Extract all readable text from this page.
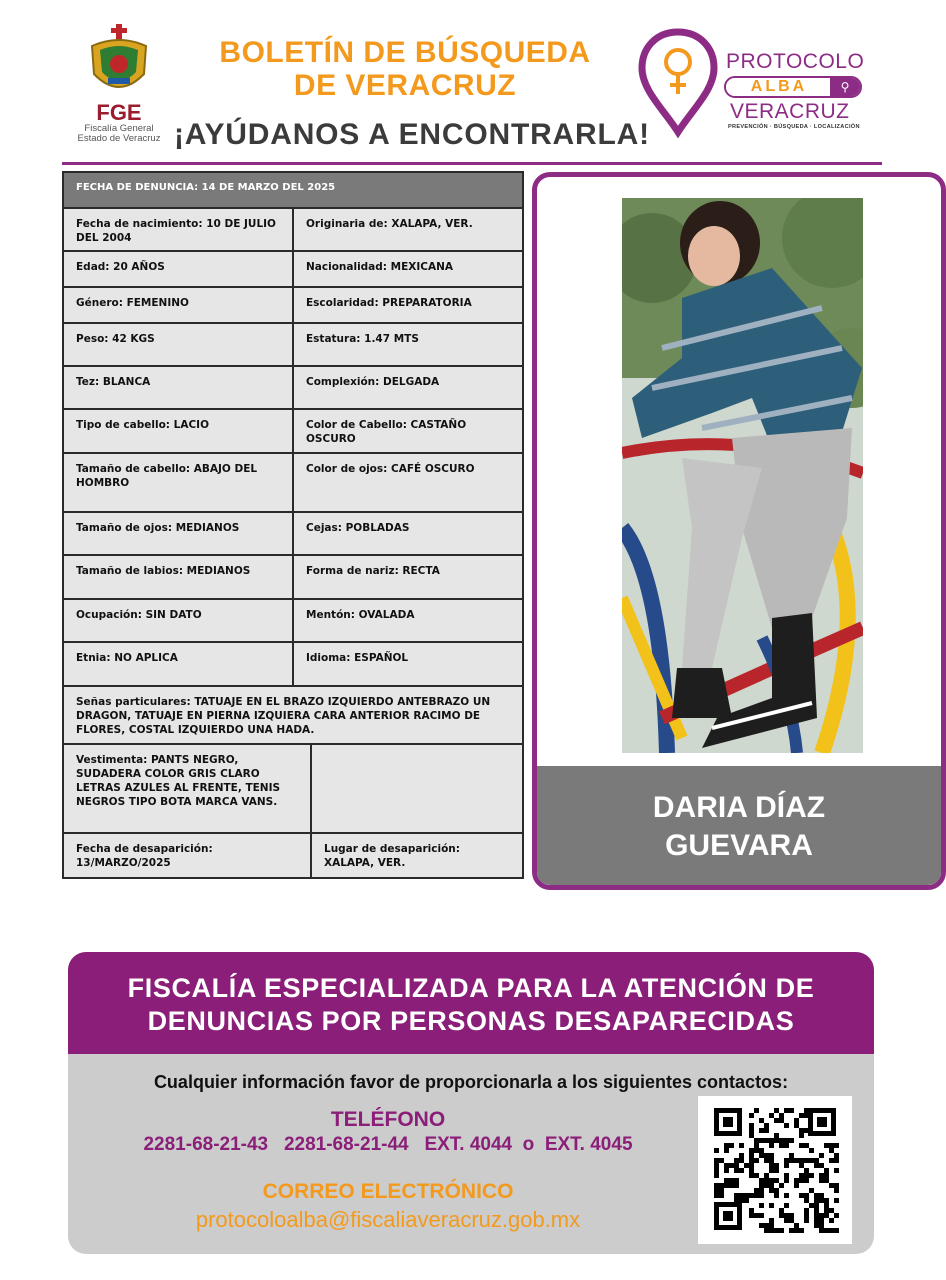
FGE
Fiscalía General
Estado de Veracruz
BOLETÍN DE BÚSQUEDA
DE VERACRUZ
¡AYÚDANOS A ENCONTRARLA!
PROTOCOLO
ALBA	⚲
VERACRUZ
PREVENCIÓN · BÚSQUEDA · LOCALIZACIÓN
FECHA DE DENUNCIA: 14 DE MARZO DEL 2025		
Fecha de nacimiento: 10 DE JULIO DEL 2004	Originaria de: XALAPA, VER.	
Edad: 20 AÑOS	Nacionalidad: MEXICANA	
Género: FEMENINO	Escolaridad: PREPARATORIA	
Peso: 42 KGS	Estatura: 1.47 MTS	
Tez: BLANCA	Complexión: DELGADA	
Tipo de cabello: LACIO	Color de Cabello: CASTAÑO OSCURO	
Tamaño de cabello: ABAJO DEL HOMBRO	Color de ojos: CAFÉ OSCURO	
Tamaño de ojos: MEDIANOS	Cejas: POBLADAS	
Tamaño de labios: MEDIANOS	Forma de nariz: RECTA	
Ocupación: SIN DATO	Mentón: OVALADA	
Etnia: NO APLICA	Idioma: ESPAÑOL	
Señas particulares: TATUAJE EN EL BRAZO IZQUIERDO ANTEBRAZO UN DRAGON, TATUAJE EN PIERNA IZQUIERA CARA ANTERIOR RACIMO DE FLORES, COSTAL IZQUIERDO UNA HADA.		
Vestimenta: PANTS NEGRO, SUDADERA COLOR GRIS CLARO LETRAS AZULES AL FRENTE, TENIS NEGROS TIPO BOTA MARCA VANS.		
Fecha de desaparición: 13/MARZO/2025		Lugar de desaparición: XALAPA, VER.
DARIA DÍAZ
GUEVARA
FISCALÍA ESPECIALIZADA PARA LA ATENCIÓN DE
DENUNCIAS POR PERSONAS DESAPARECIDAS
Cualquier información favor de proporcionarla a los siguientes contactos:
TELÉFONO
2281-68-21-43   2281-68-21-44   EXT. 4044  o  EXT. 4045
CORREO ELECTRÓNICO
protocoloalba@fiscaliaveracruz.gob.mx
